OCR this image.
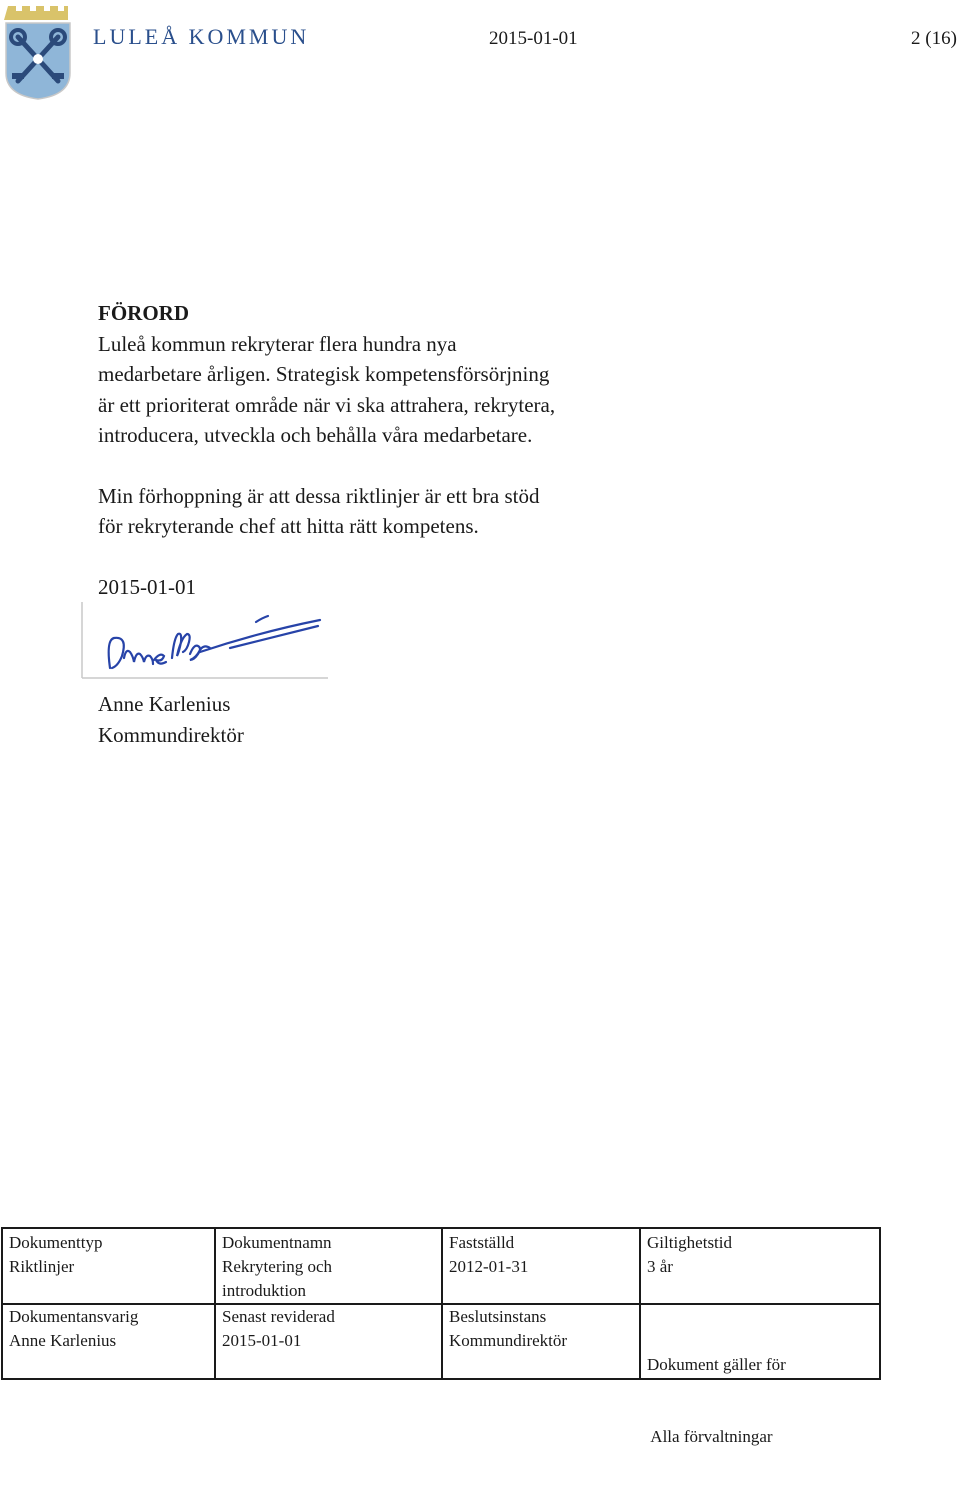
LULEÅ KOMMUN	2015-01-01	2 (16)
FÖRORD
Luleå kommun rekryterar flera hundra nya
medarbetare årligen. Strategisk kompetensförsörjning
är ett prioriterat område när vi ska attrahera, rekrytera,
introducera, utveckla och behålla våra medarbetare.
Min förhoppning är att dessa riktlinjer är ett bra stöd
för rekryterande chef att hitta rätt kompetens.
2015-01-01
Anne Karlenius
Kommundirektör
Dokumenttyp
Riktlinjer
Dokumentnamn
Rekrytering och
introduktion
Fastställd
2012-01-31
Giltighetstid
3 år
Dokumentansvarig
Anne Karlenius
Senast reviderad
2015-01-01
Beslutsinstans
Kommundirektör

Dokument gäller för

Alla förvaltningar
